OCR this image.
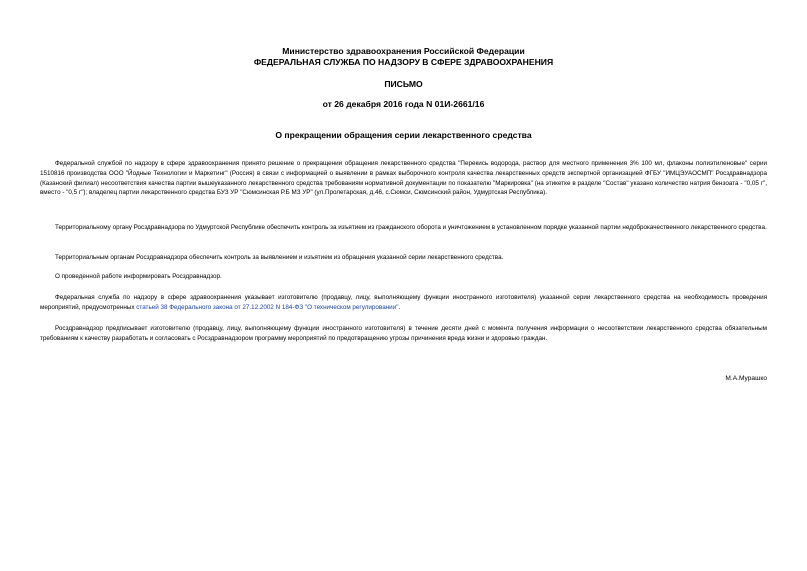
Министерство здравоохранения Российской Федерации
ФЕДЕРАЛЬНАЯ СЛУЖБА ПО НАДЗОРУ В СФЕРЕ ЗДРАВООХРАНЕНИЯ
ПИСЬМО
от 26 декабря 2016 года N 01И-2661/16
О прекращении обращения серии лекарственного средства

Федеральной службой по надзору в сфере здравоохранения принято решение о прекращении обращения лекарственного средства "Перекись водорода, раствор для местного применения 3% 100 мл, флаконы полиэтиленовые" серии 1510816 производства ООО "Йодные Технологии и Маркетинг" (Россия) в связи с информацией о выявлении в рамках выборочного контроля качества лекарственных средств экспертной организацией ФГБУ "ИМЦЭУАОСМП" Росздравнадзора (Казанский филиал) несоответствия качества партии вышеуказанного лекарственного средства требованиям нормативной документации по показателю "Маркировка" (на этикетке в разделе "Состав" указано количество натрия бензоата - "0,05 г", вместо - "0,5 г"); владелец партии лекарственного средства БУЗ УР "Сюмсинская Р.Б МЗ УР" (ул.Пролетарская, д.46, с.Сюмси, Сюмсинский район, Удмуртская Республика).

Территориальному органу Росздравнадзора по Удмуртской Республике обеспечить контроль за изъятием из гражданского оборота и уничтожением в установленном порядке указанной партии недоброкачественного лекарственного средства.

Территориальным органам Росздравнадзора обеспечить контроль за выявлением и изъятием из обращения указанной серии лекарственного средства.

О проведенной работе информировать Росздравнадзор.

Федеральная служба по надзору в сфере здравоохранения указывает изготовителю (продавцу, лицу, выполняющему функции иностранного изготовителя) указанной серии лекарственного средства на необходимость проведения мероприятий, предусмотренных статьей 38 Федерального закона от 27.12.2002 N 184-ФЗ "О техническом регулировании".

Росздравнадзор предписывает изготовителю (продавцу, лицу, выполняющему функции иностранного изготовителя) в течение десяти дней с момента получения информации о несоответствии лекарственного средства обязательным требованиям к качеству разработать и согласовать с Росздравнадзором программу мероприятий по предотвращению угрозы причинения вреда жизни и здоровью граждан.

М.А.Мурашко
